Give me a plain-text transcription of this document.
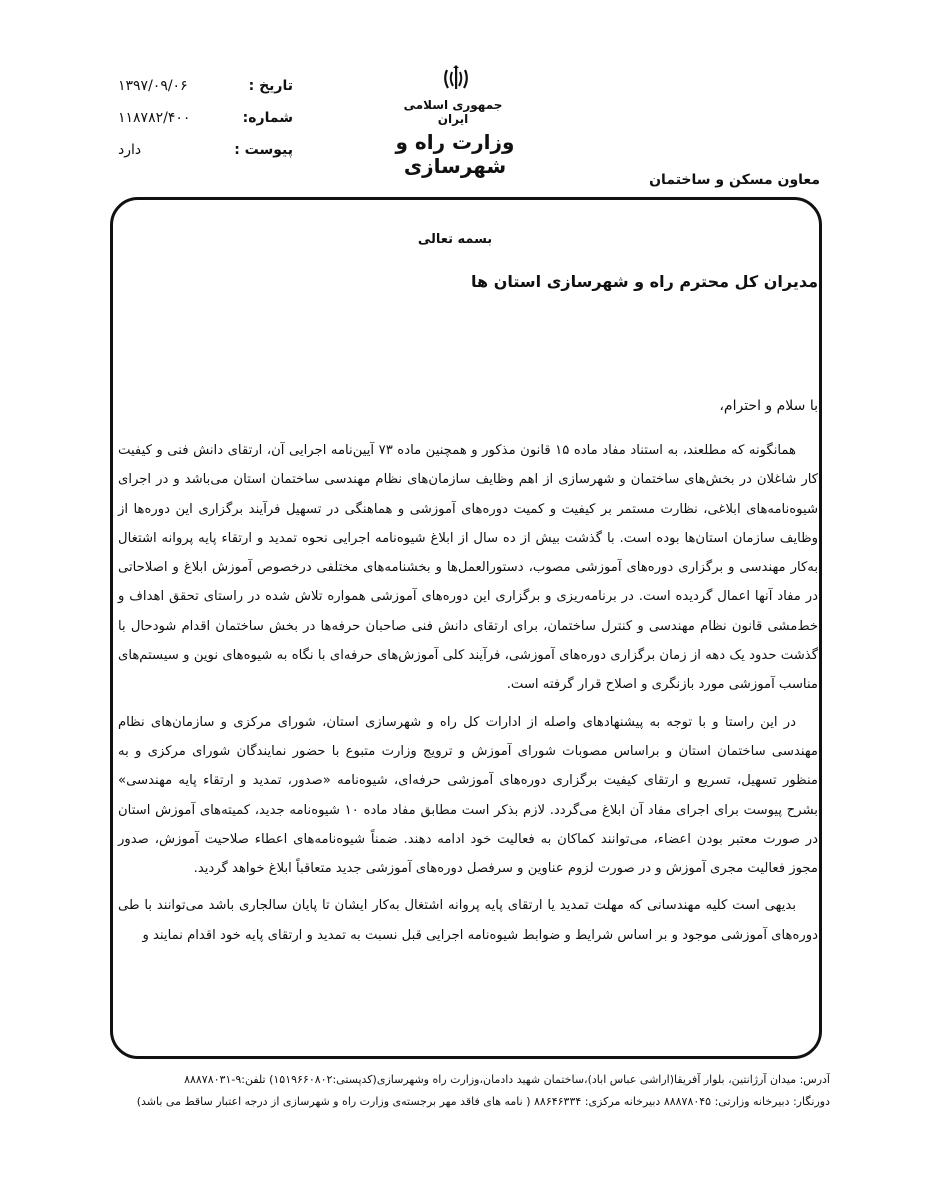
تاریخ :
۱۳۹۷/۰۹/۰۶
شماره:
۱۱۸۷۸۲/۴۰۰
پیوست :
دارد
جمهوری اسلامی ایران
وزارت راه و شهرسازی
معاون مسکن و ساختمان
بسمه تعالی
مدیران کل محترم راه و شهرسازی استان ها
با سلام و احترام،

همانگونه که مطلعند، به استناد مفاد ماده ۱۵ قانون مذکور و همچنین ماده ۷۳ آیین‌نامه اجرایی آن، ارتقای دانش فنی و کیفیت کار شاغلان در بخش‌های ساختمان و شهرسازی از اهم وظایف سازمان‌های نظام مهندسی ساختمان استان می‌باشد و در اجرای شیوه‌نامه‌های ابلاغی، نظارت مستمر بر کیفیت و کمیت دوره‌های آموزشی و هماهنگی در تسهیل فرآیند برگزاری این دوره‌ها از وظایف سازمان استان‌ها بوده است. با گذشت بیش از ده سال از ابلاغ شیوه‌نامه اجرایی نحوه تمدید و ارتقاء پایه پروانه اشتغال به‌کار مهندسی و برگزاری دوره‌های آموزشی مصوب، دستورالعمل‌ها و بخشنامه‌های مختلفی درخصوص آموزش ابلاغ و اصلاحاتی در مفاد آنها اعمال گردیده است. در برنامه‌ریزی و برگزاری این دوره‌های آموزشی همواره تلاش شده در راستای تحقق اهداف و خط‌مشی قانون نظام مهندسی و کنترل ساختمان، برای ارتقای دانش فنی صاحبان حرفه‌ها در بخش ساختمان اقدام شود‌حال با گذشت حدود یک دهه از زمان برگزاری دوره‌های آموزشی، فرآیند کلی آموزش‌های حرفه‌ای با نگاه به شیوه‌های نوین و سیستم‌های مناسب آموزشی مورد بازنگری و اصلاح قرار گرفته است.

در این راستا و با توجه به پیشنهادهای واصله از ادارات کل راه و شهرسازی استان، شورای مرکزی و سازمان‌های نظام مهندسی ساختمان استان و براساس مصوبات شورای آموزش و ترویج وزارت متبوع با حضور نمایندگان شورای مرکزی و به منظور تسهیل، تسریع و ارتقای کیفیت برگزاری دوره‌های آموزشی حرفه‌ای، شیوه‌نامه «صدور، تمدید و ارتقاء پایه مهندسی» بشرح پیوست برای اجرای مفاد آن ابلاغ می‌گردد. لازم بذکر است مطابق مفاد ماده ۱۰ شیوه‌نامه جدید، کمیته‌های آموزش استان در صورت معتبر بودن اعضاء، می‌توانند کماکان به فعالیت خود ادامه دهند. ضمناً شیوه‌نامه‌های اعطاء صلاحیت آموزش، صدور مجوز فعالیت مجری آموزش و در صورت لزوم عناوین و سرفصل دوره‌های آموزشی جدید متعاقباً ابلاغ خواهد گردید.

بدیهی است کلیه مهندسانی که مهلت تمدید یا ارتقای پایه پروانه اشتغال به‌کار ایشان تا پایان سالجاری باشد می‌توانند با طی دوره‌های آموزشی موجود و بر اساس شرایط و ضوابط شیوه‌نامه اجرایی قبل نسبت به تمدید و ارتقای پایه خود اقدام نمایند و

آدرس: میدان آرژانتین، بلوار آفریقا(اراشی عباس اباد)،ساختمان شهید دادمان،وزارت راه وشهرسازی(کدپستی:۱۵۱۹۶۶۰۸۰۲) تلفن:۹-۸۸۸۷۸۰۳۱
دورنگار: دبیرخانه وزارتی: ۸۸۸۷۸۰۴۵ دبیرخانه مرکزی: ۸۸۶۴۶۳۳۴ ( نامه های فاقد مهر برجسته‌ی وزارت راه و شهرسازی از درجه اعتبار ساقط می باشد)
